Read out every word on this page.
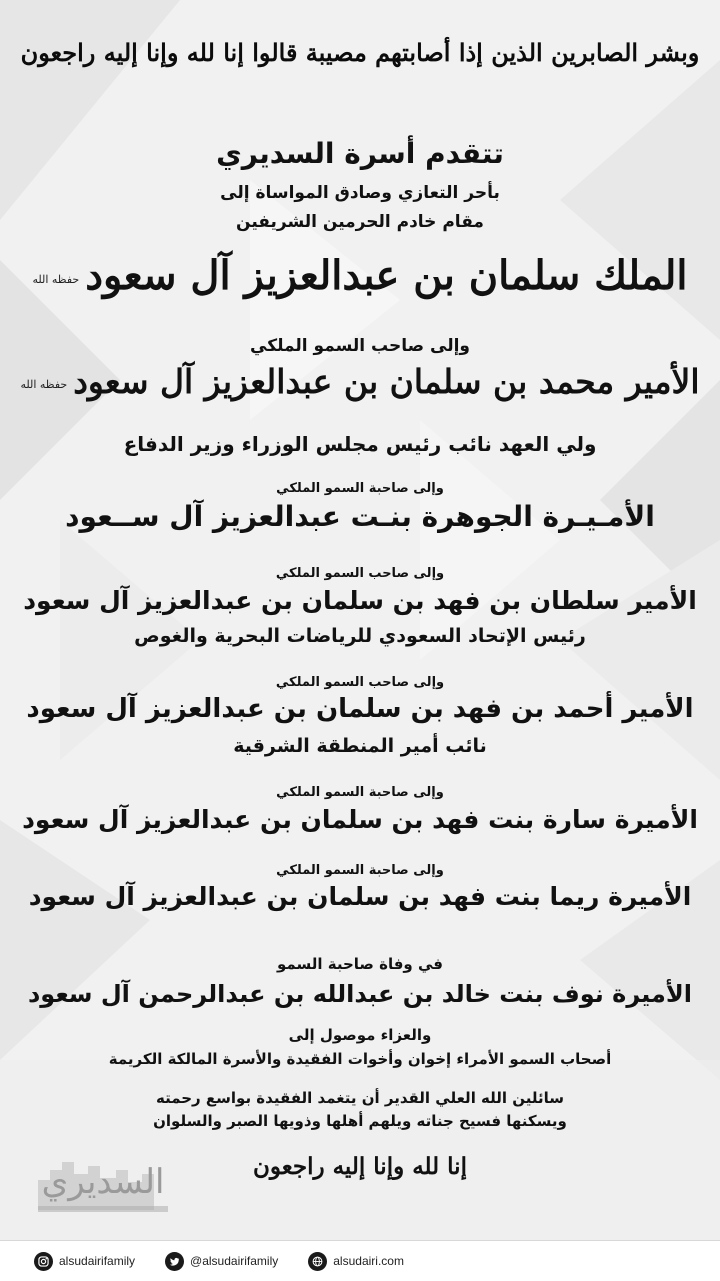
وبشر الصابرين الذين إذا أصابتهم مصيبة قالوا إنا لله وإنا إليه راجعون
تتقدم أسرة السديري
بأحر التعازي وصادق المواساة إلى
مقام خادم الحرمين الشريفين
الملك سلمان بن عبدالعزيز آل سعودحفظه الله
وإلى صاحب السمو الملكي
الأمير محمد بن سلمان بن عبدالعزيز آل سعودحفظه الله
ولي العهد نائب رئيس مجلس الوزراء وزير الدفاع
وإلى صاحبة السمو الملكي
الأمـيـرة الجوهرة بنـت عبدالعزيز آل ســعود
وإلى صاحب السمو الملكي
الأمير سلطان بن فهد بن سلمان بن عبدالعزيز آل سعود
رئيس الإتحاد السعودي للرياضات البحرية والغوص
وإلى صاحب السمو الملكي
الأمير أحمد بن فهد بن سلمان بن عبدالعزيز آل سعود
نائب أمير المنطقة الشرقية
وإلى صاحبة السمو الملكي
الأميرة سارة بنت فهد بن سلمان بن عبدالعزيز آل سعود
وإلى صاحبة السمو الملكي
الأميرة ريما بنت فهد بن سلمان بن عبدالعزيز آل سعود
في وفاة صاحبة السمو
الأميرة نوف بنت خالد بن عبدالله بن عبدالرحمن آل سعود
والعزاء موصول إلى
أصحاب السمو الأمراء إخوان وأخوات الفقيدة والأسرة المالكة الكريمة
سائلين الله العلي القدير أن يتغمد الفقيدة بواسع رحمته
ويسكنها فسيح جناته ويلهم أهلها وذويها الصبر والسلوان
إنا لله وإنا إليه راجعون
السديري
alsudairifamily	@alsudairifamily	alsudairi.com
